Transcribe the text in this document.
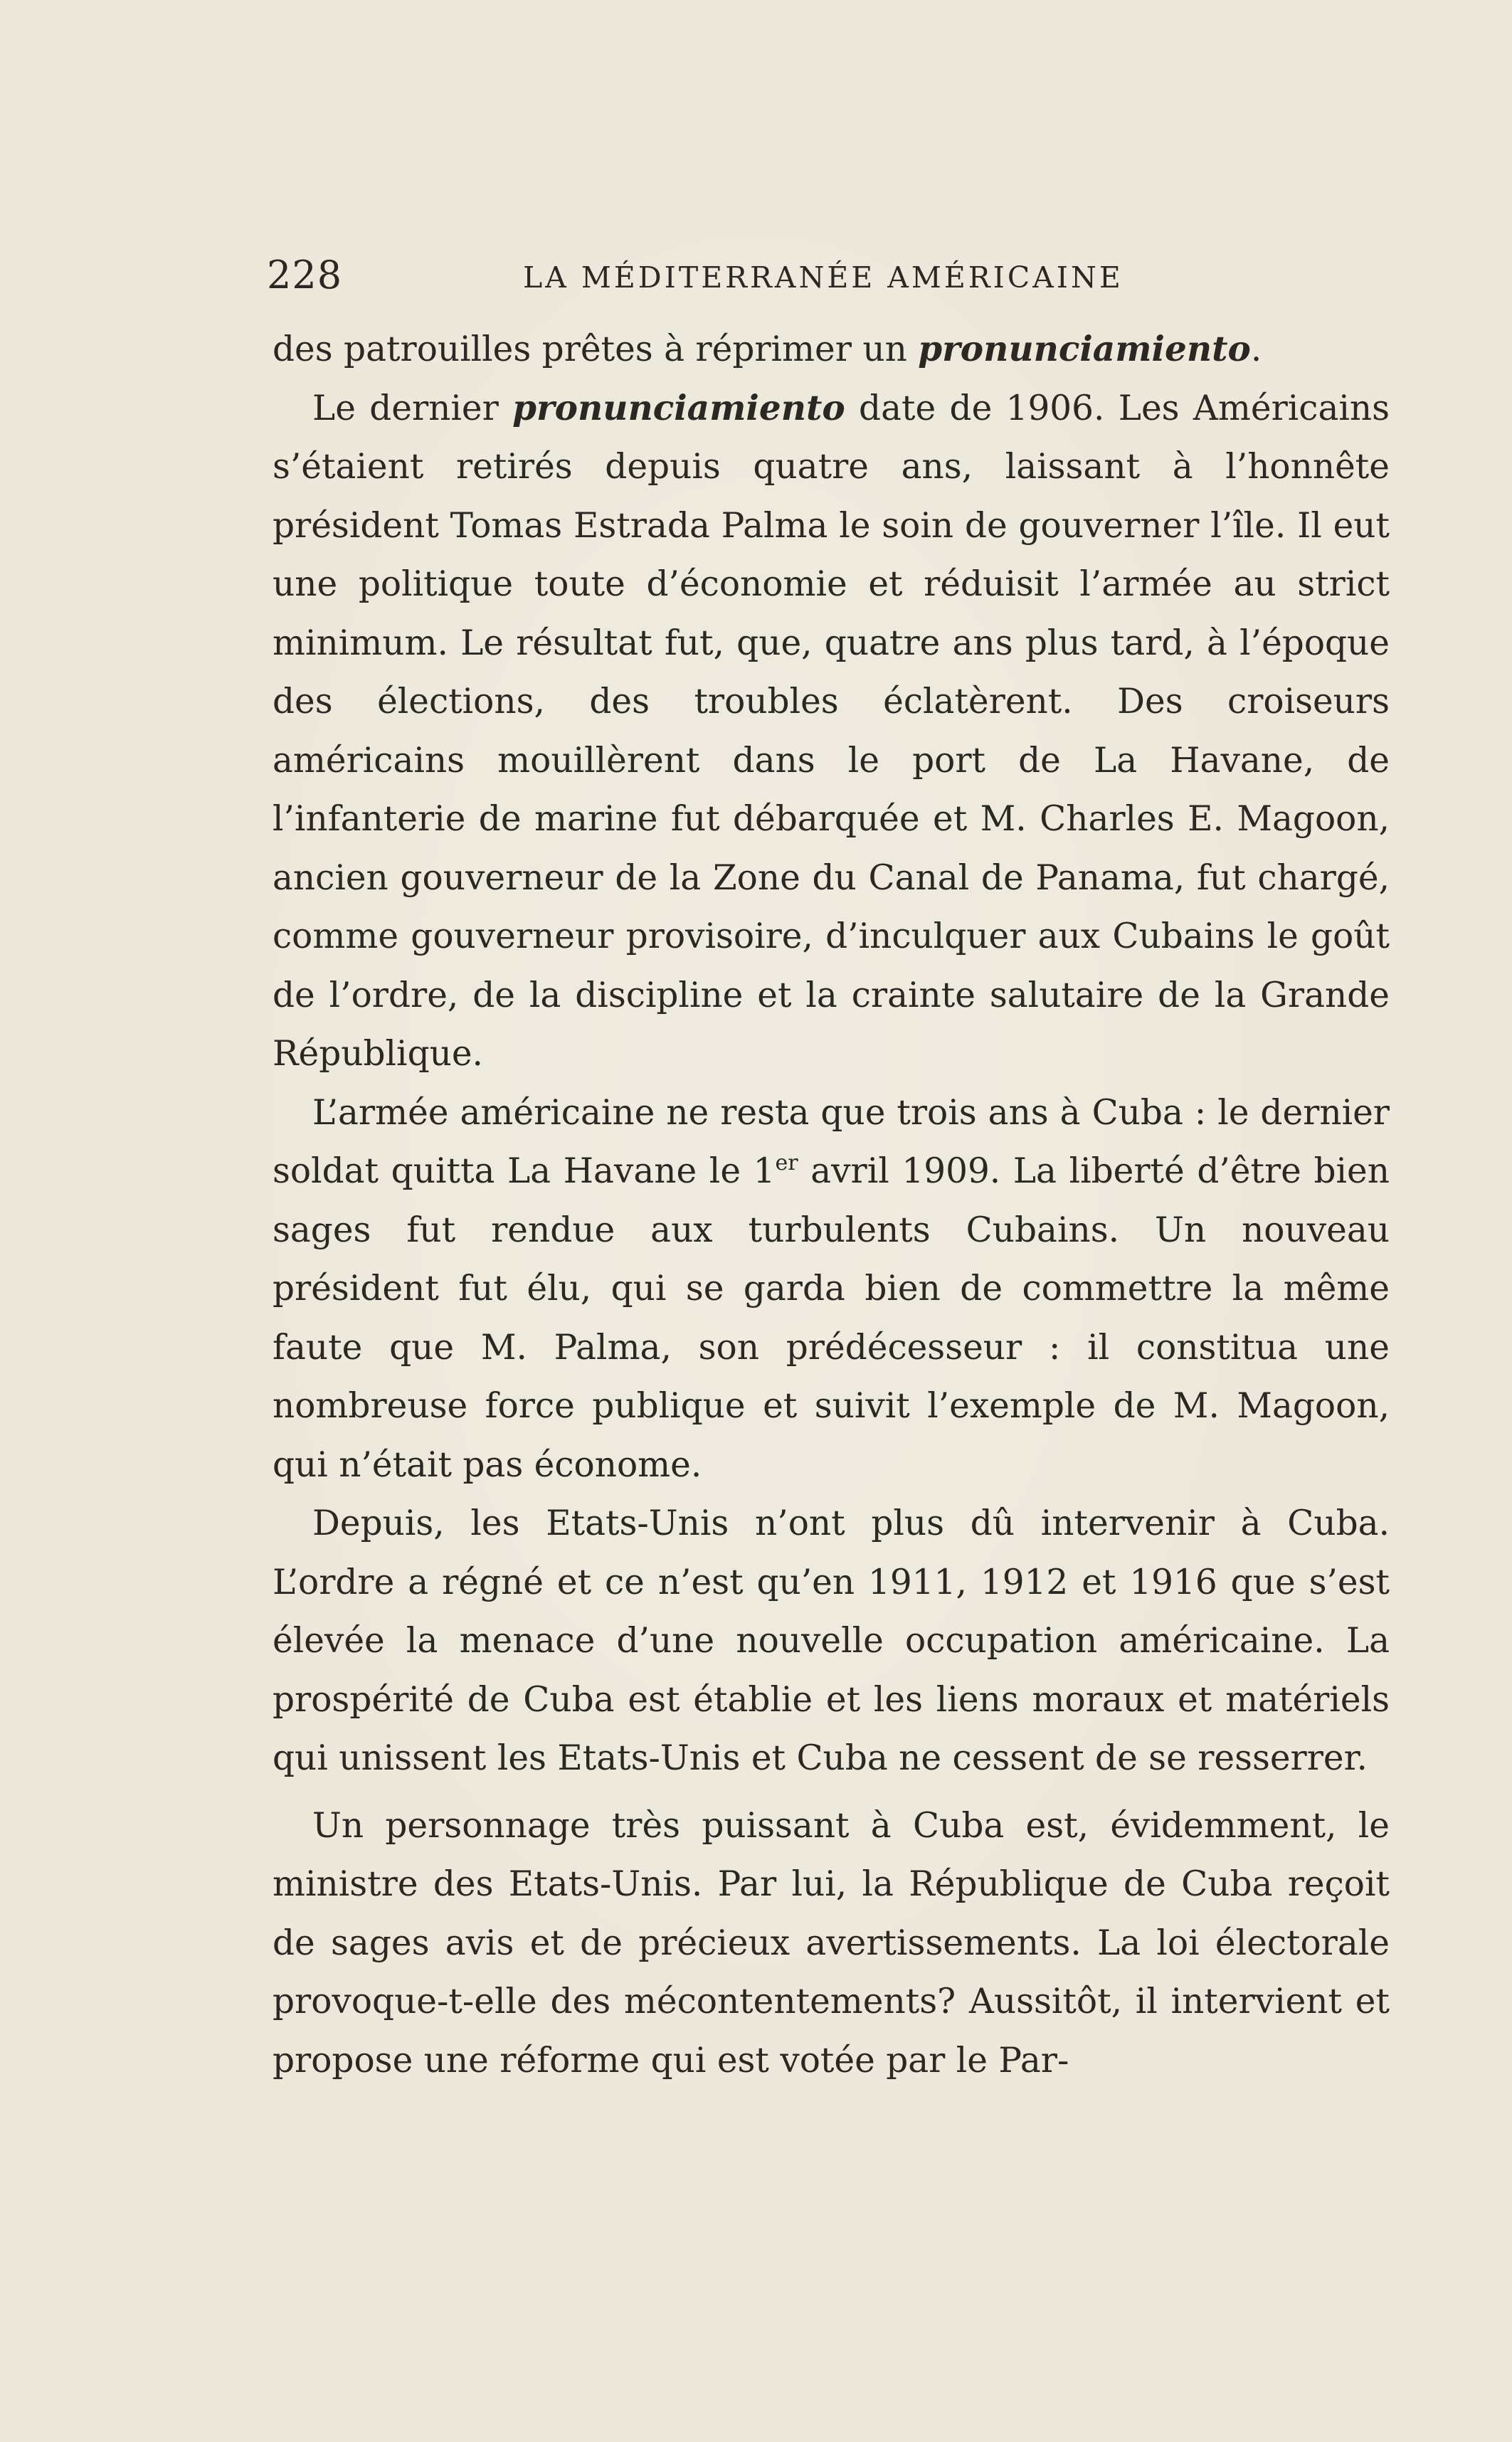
228	LA MÉDITERRANÉE AMÉRICAINE

des patrouilles prêtes à réprimer un pronunciamiento.

Le dernier pronunciamiento date de 1906. Les Américains s’étaient retirés depuis quatre ans, laissant à l’honnête président Tomas Estrada Palma le soin de gouverner l’île. Il eut une politique toute d’économie et réduisit l’armée au strict minimum. Le résultat fut, que, quatre ans plus tard, à l’époque des élections, des troubles éclatèrent. Des croiseurs américains mouillèrent dans le port de La Havane, de l’infanterie de marine fut débarquée et M. Charles E. Magoon, ancien gouverneur de la Zone du Canal de Panama, fut chargé, comme gouverneur provisoire, d’inculquer aux Cubains le goût de l’ordre, de la discipline et la crainte salutaire de la Grande République.

L’armée américaine ne resta que trois ans à Cuba : le dernier soldat quitta La Havane le 1er avril 1909. La liberté d’être bien sages fut rendue aux turbulents Cubains. Un nouveau président fut élu, qui se garda bien de commettre la même faute que M. Palma, son prédécesseur : il constitua une nombreuse force publique et suivit l’exemple de M. Magoon, qui n’était pas économe.

Depuis, les Etats-Unis n’ont plus dû intervenir à Cuba. L’ordre a régné et ce n’est qu’en 1911, 1912 et 1916 que s’est élevée la menace d’une nouvelle occupation américaine. La prospérité de Cuba est établie et les liens moraux et matériels qui unissent les Etats-Unis et Cuba ne cessent de se resserrer.

Un personnage très puissant à Cuba est, évidemment, le ministre des Etats-Unis. Par lui, la République de Cuba reçoit de sages avis et de précieux avertissements. La loi électorale provoque-t-elle des mécontentements? Aussitôt, il intervient et propose une réforme qui est votée par le Par-
